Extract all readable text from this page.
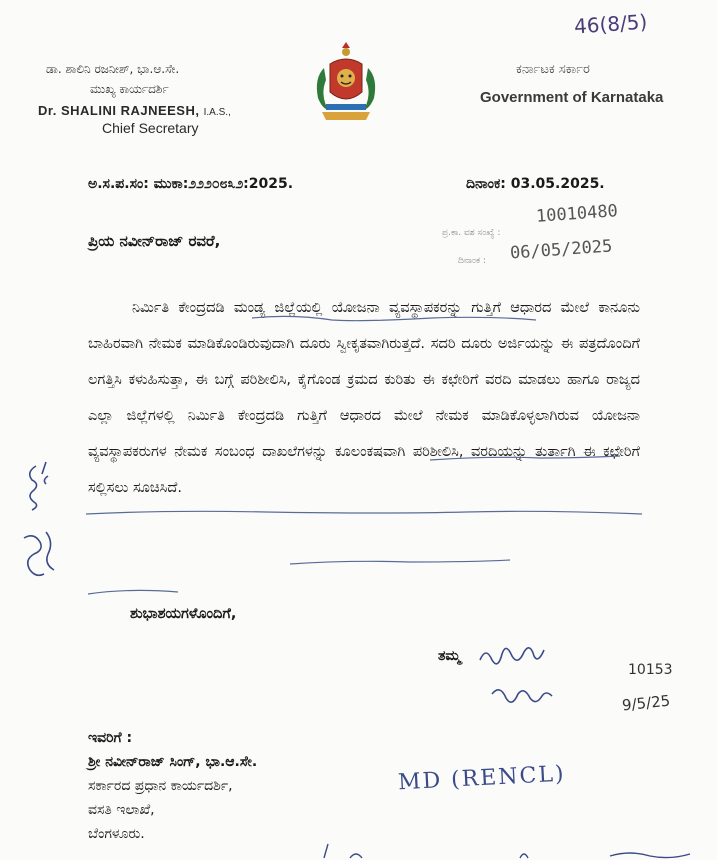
46(8/5)
ಡಾ. ಶಾಲಿನಿ ರಜನೀಶ್, ಭಾ.ಆ.ಸೇ.
ಮುಖ್ಯ ಕಾರ್ಯದರ್ಶಿ
Dr. SHALINI RAJNEESH, I.A.S.,
Chief Secretary
ಕರ್ನಾಟಕ ಸರ್ಕಾರ
Government of Karnataka
ಅ.ಸ.ಪ.ಸಂ: ಮುಕಾ:೨೨೨೦೮೩೨:2025.	ದಿನಾಂಕ: 03.05.2025.
ಪ್ರ.ಕಾ. ವಶ ಸಂಖ್ಯೆ :
10010480
ದಿನಾಂಕ : 06/05/2025
ಪ್ರಿಯ ನವೀನ್‌ರಾಜ್ ರವರೆ,
ನಿರ್ಮಿತಿ ಕೇಂದ್ರದಡಿ ಮಂಡ್ಯ ಜಿಲ್ಲೆಯಲ್ಲಿ ಯೋಜನಾ ವ್ಯವಸ್ಥಾಪಕರನ್ನು ಗುತ್ತಿಗೆ ಆಧಾರದ ಮೇಲೆ ಕಾನೂನು ಬಾಹಿರವಾಗಿ ನೇಮಕ ಮಾಡಿಕೊಂಡಿರುವುದಾಗಿ ದೂರು ಸ್ವೀಕೃತವಾಗಿರುತ್ತದೆ. ಸದರಿ ದೂರು ಅರ್ಜಿಯನ್ನು ಈ ಪತ್ರದೊಂದಿಗೆ ಲಗತ್ತಿಸಿ ಕಳುಹಿಸುತ್ತಾ, ಈ ಬಗ್ಗೆ ಪರಿಶೀಲಿಸಿ, ಕೈಗೊಂಡ ಕ್ರಮದ ಕುರಿತು ಈ ಕಛೇರಿಗೆ ವರದಿ ಮಾಡಲು ಹಾಗೂ ರಾಜ್ಯದ ಎಲ್ಲಾ ಜಿಲ್ಲೆಗಳಲ್ಲಿ ನಿರ್ಮಿತಿ ಕೇಂದ್ರದಡಿ ಗುತ್ತಿಗೆ ಆಧಾರದ ಮೇಲೆ ನೇಮಕ ಮಾಡಿಕೊಳ್ಳಲಾಗಿರುವ ಯೋಜನಾ ವ್ಯವಸ್ಥಾಪಕರುಗಳ ನೇಮಕ ಸಂಬಂಧ ದಾಖಲೆಗಳನ್ನು ಕೂಲಂಕಷವಾಗಿ ಪರಿಶೀಲಿಸಿ, ವರದಿಯನ್ನು ತುರ್ತಾಗಿ ಈ ಕಛೇರಿಗೆ ಸಲ್ಲಿಸಲು ಸೂಚಿಸಿದೆ.
ಶುಭಾಶಯಗಳೊಂದಿಗೆ,
ತಮ್ಮ
10153
9/5/25
ಇವರಿಗೆ :
ಶ್ರೀ ನವೀನ್‌ರಾಜ್ ಸಿಂಗ್, ಭಾ.ಆ.ಸೇ.
ಸರ್ಕಾರದ ಪ್ರಧಾನ ಕಾರ್ಯದರ್ಶಿ,
ವಸತಿ ಇಲಾಖೆ,
ಬೆಂಗಳೂರು.
MD (RENCL)
